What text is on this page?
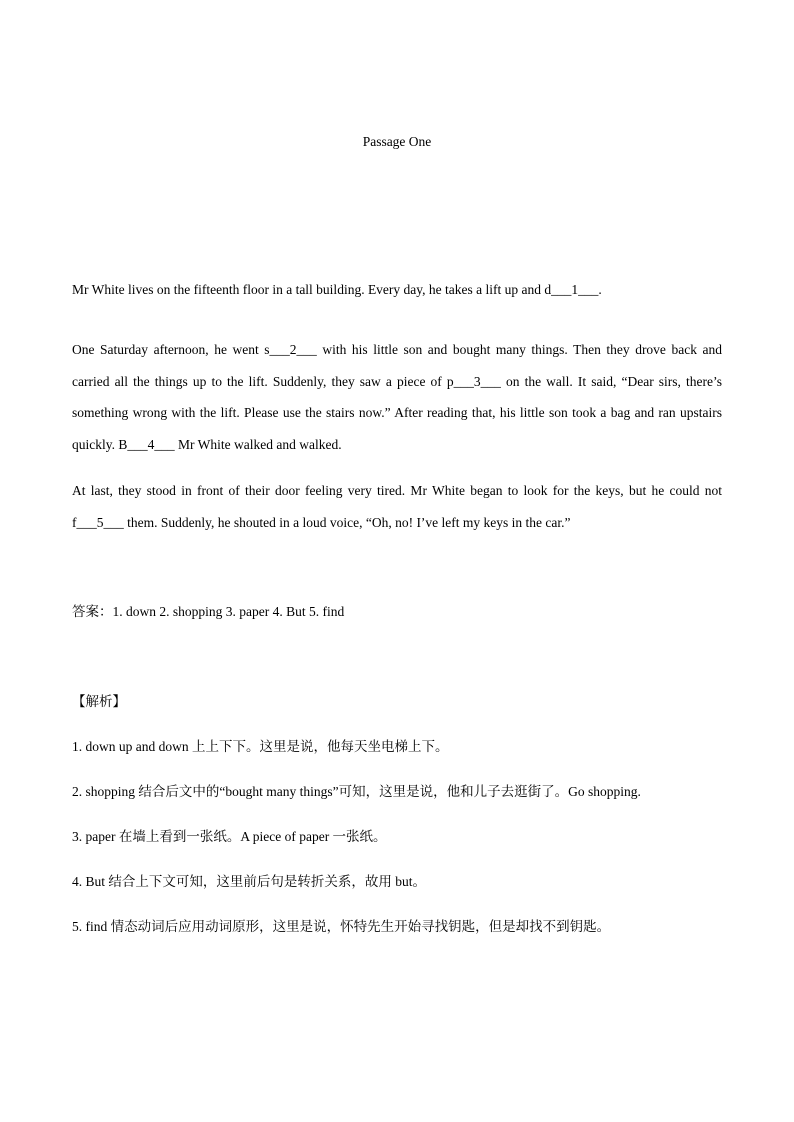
Passage One

Mr White lives on the fifteenth floor in a tall building. Every day, he takes a lift up and d___1___.

One Saturday afternoon, he went s___2___ with his little son and bought many things. Then they drove back and carried all the things up to the lift. Suddenly, they saw a piece of p___3___ on the wall. It said, “Dear sirs, there’s something wrong with the lift. Please use the stairs now.” After reading that, his little son took a bag and ran upstairs quickly. B___4___ Mr White walked and walked.

At last, they stood in front of their door feeling very tired. Mr White began to look for the keys, but he could not f___5___ them. Suddenly, he shouted in a loud voice, “Oh, no! I’ve left my keys in the car.”

答案：1. down 2. shopping 3. paper 4. But 5. find
【解析】
1. down up and down 上上下下。这里是说，他每天坐电梯上下。
2. shopping 结合后文中的“bought many things”可知，这里是说，他和儿子去逛街了。Go shopping.
3. paper 在墙上看到一张纸。A piece of paper 一张纸。
4. But 结合上下文可知，这里前后句是转折关系，故用 but。
5. find 情态动词后应用动词原形，这里是说，怀特先生开始寻找钥匙，但是却找不到钥匙。
